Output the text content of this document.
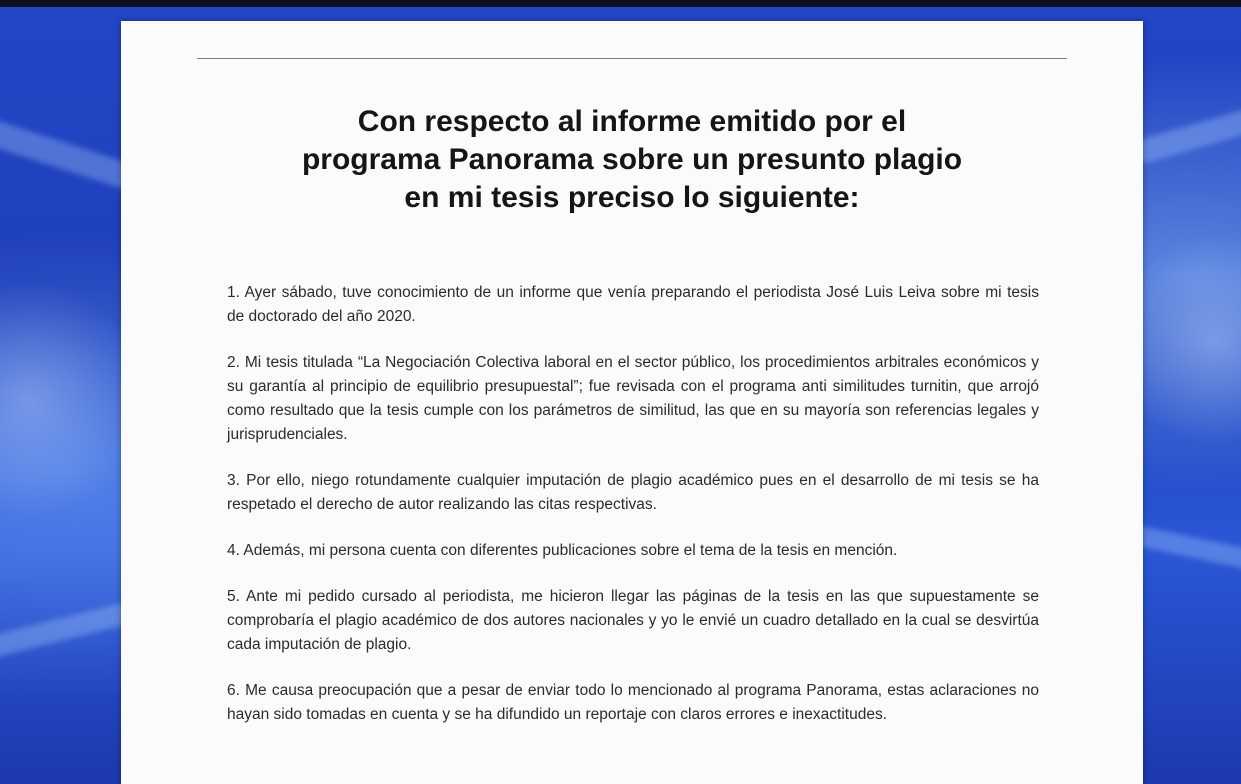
Con respecto al informe emitido por el
programa Panorama sobre un presunto plagio
en mi tesis preciso lo siguiente:

1. Ayer sábado, tuve conocimiento de un informe que venía preparando el periodista José Luis Leiva sobre mi tesis de doctorado del año 2020.

2. Mi tesis titulada “La Negociación Colectiva laboral en el sector público, los procedimientos arbitrales económicos y su garantía al principio de equilibrio presupuestal”; fue revisada con el programa anti similitudes turnitin, que arrojó como resultado que la tesis cumple con los parámetros de similitud, las que en su mayoría son referencias legales y jurisprudenciales.

3. Por ello, niego rotundamente cualquier imputación de plagio académico pues en el desarrollo de mi tesis se ha respetado el derecho de autor realizando las citas respectivas.

4. Además, mi persona cuenta con diferentes publicaciones sobre el tema de la tesis en mención.

5. Ante mi pedido cursado al periodista, me hicieron llegar las páginas de la tesis en las que supuestamente se comprobaría el plagio académico de dos autores nacionales y yo le envié un cuadro detallado en la cual se desvirtúa cada imputación de plagio.

6. Me causa preocupación que a pesar de enviar todo lo mencionado al programa Panorama, estas aclaraciones no hayan sido tomadas en cuenta y se ha difundido un reportaje con claros errores e inexactitudes.
